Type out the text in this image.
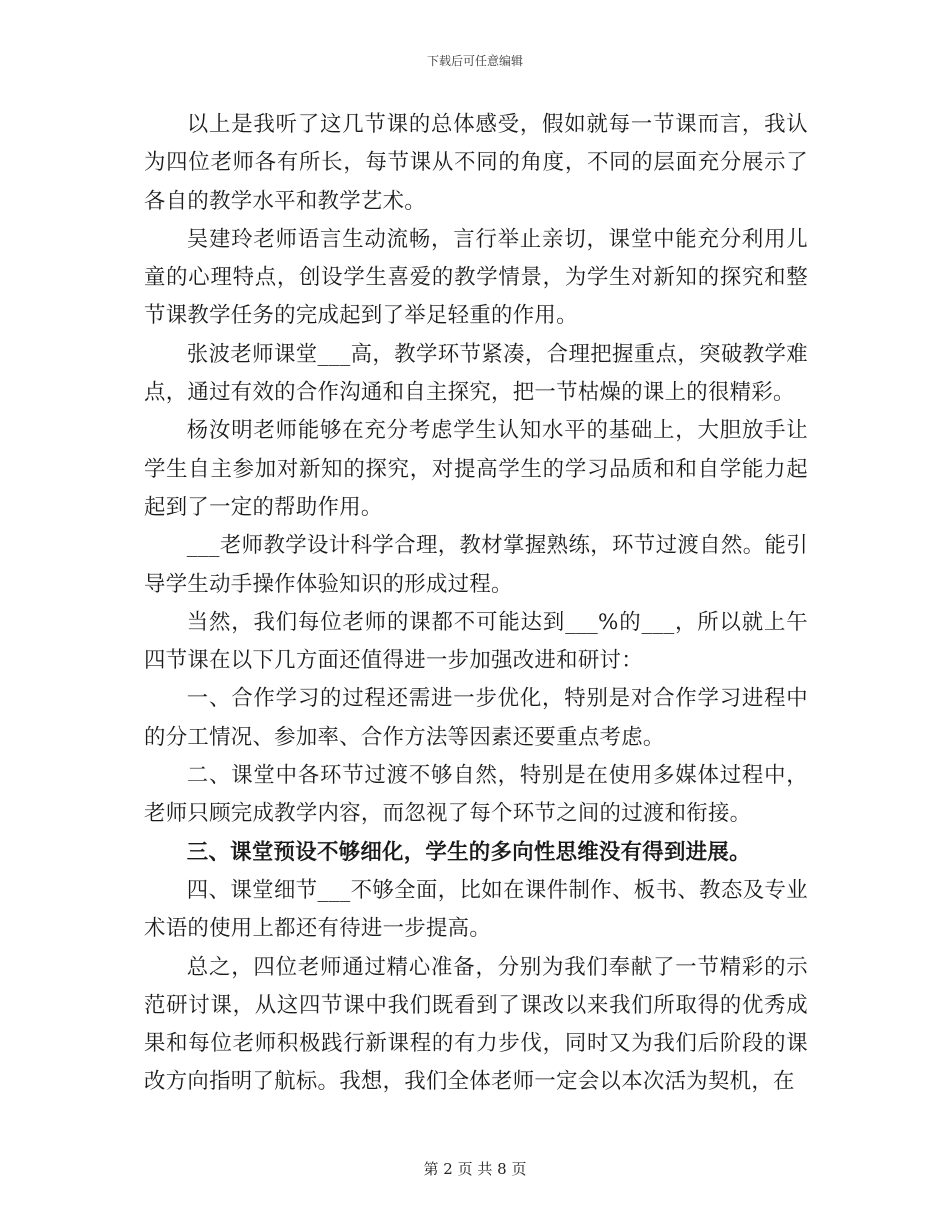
下载后可任意编辑

以上是我听了这几节课的总体感受，假如就每一节课而言，我认为四位老师各有所长，每节课从不同的角度，不同的层面充分展示了各自的教学水平和教学艺术。

吴建玲老师语言生动流畅，言行举止亲切，课堂中能充分利用儿童的心理特点，创设学生喜爱的教学情景，为学生对新知的探究和整节课教学任务的完成起到了举足轻重的作用。

张波老师课堂___高，教学环节紧凑，合理把握重点，突破教学难点，通过有效的合作沟通和自主探究，把一节枯燥的课上的很精彩。

杨汝明老师能够在充分考虑学生认知水平的基础上，大胆放手让学生自主参加对新知的探究，对提高学生的学习品质和和自学能力起起到了一定的帮助作用。

___老师教学设计科学合理，教材掌握熟练，环节过渡自然。能引导学生动手操作体验知识的形成过程。

当然，我们每位老师的课都不可能达到___%的___，所以就上午四节课在以下几方面还值得进一步加强改进和研讨：

一、合作学习的过程还需进一步优化，特别是对合作学习进程中的分工情况、参加率、合作方法等因素还要重点考虑。

二、课堂中各环节过渡不够自然，特别是在使用多媒体过程中，老师只顾完成教学内容，而忽视了每个环节之间的过渡和衔接。

三、课堂预设不够细化，学生的多向性思维没有得到进展。

四、课堂细节___不够全面，比如在课件制作、板书、教态及专业术语的使用上都还有待进一步提高。

总之，四位老师通过精心准备，分别为我们奉献了一节精彩的示范研讨课，从这四节课中我们既看到了课改以来我们所取得的优秀成果和每位老师积极践行新课程的有力步伐，同时又为我们后阶段的课改方向指明了航标。我想，我们全体老师一定会以本次活为契机，在

第 2 页 共 8 页
